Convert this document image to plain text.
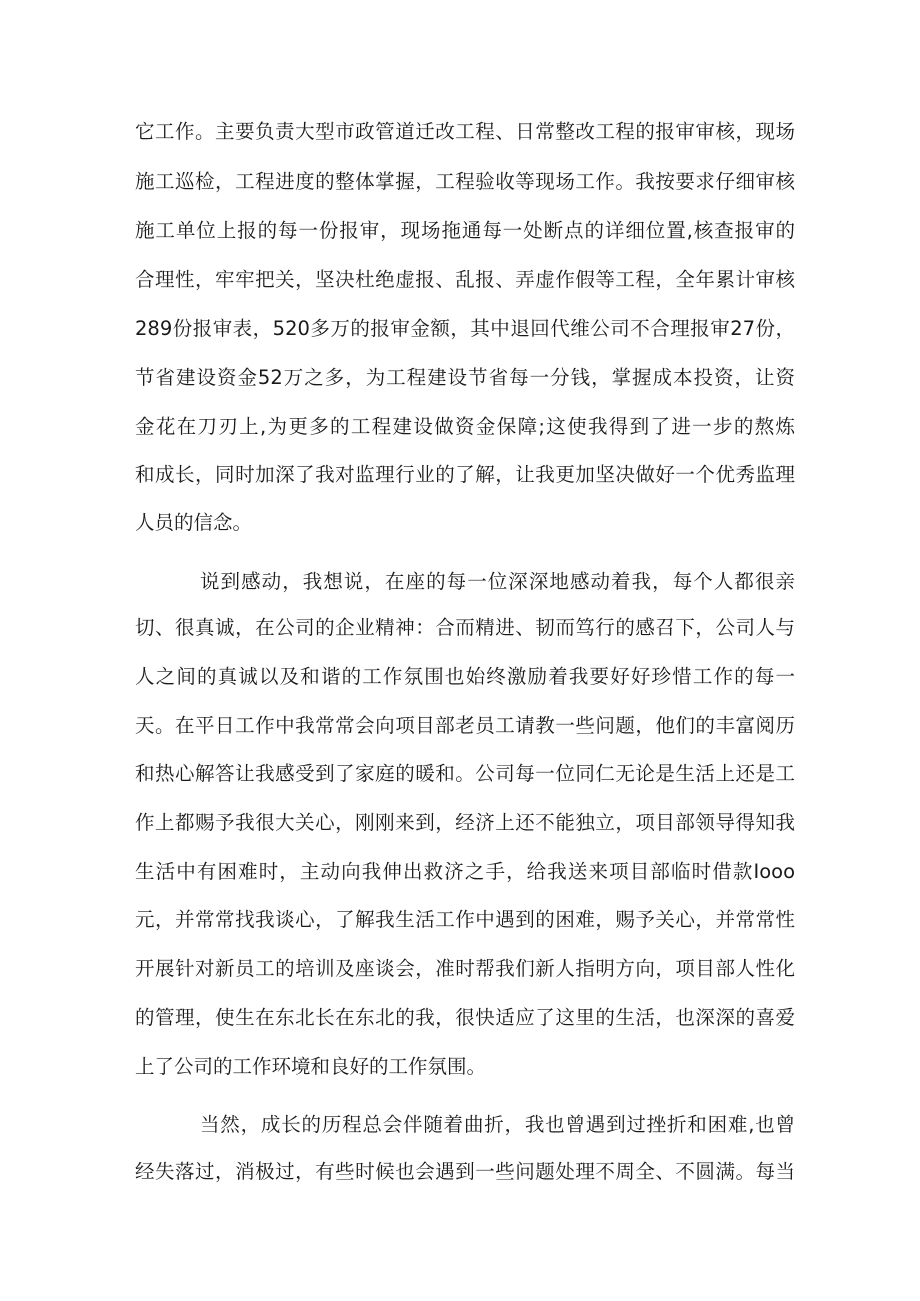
它工作。主要负责大型市政管道迁改工程、日常整改工程的报审审核，现场
施工巡检，工程进度的整体掌握，工程验收等现场工作。我按要求仔细审核
施工单位上报的每一份报审，现场拖通每一处断点的详细位置,核查报审的
合理性，牢牢把关，坚决杜绝虚报、乱报、弄虚作假等工程，全年累计审核
289份报审表，520多万的报审金额，其中退回代维公司不合理报审27份，
节省建设资金52万之多，为工程建设节省每一分钱，掌握成本投资，让资
金花在刀刃上,为更多的工程建设做资金保障;这使我得到了进一步的熬炼
和成长，同时加深了我对监理行业的了解，让我更加坚决做好一个优秀监理
人员的信念。
说到感动，我想说，在座的每一位深深地感动着我，每个人都很亲
切、很真诚，在公司的企业精神：合而精进、韧而笃行的感召下，公司人与
人之间的真诚以及和谐的工作氛围也始终激励着我要好好珍惜工作的每一
天。在平日工作中我常常会向项目部老员工请教一些问题，他们的丰富阅历
和热心解答让我感受到了家庭的暖和。公司每一位同仁无论是生活上还是工
作上都赐予我很大关心，刚刚来到，经济上还不能独立，项目部领导得知我
生活中有困难时，主动向我伸出救济之手，给我送来项目部临时借款Iooo
元，并常常找我谈心，了解我生活工作中遇到的困难，赐予关心，并常常性
开展针对新员工的培训及座谈会，准时帮我们新人指明方向，项目部人性化
的管理，使生在东北长在东北的我，很快适应了这里的生活，也深深的喜爱
上了公司的工作环境和良好的工作氛围。
当然，成长的历程总会伴随着曲折，我也曾遇到过挫折和困难,也曾
经失落过，消极过，有些时候也会遇到一些问题处理不周全、不圆满。每当
